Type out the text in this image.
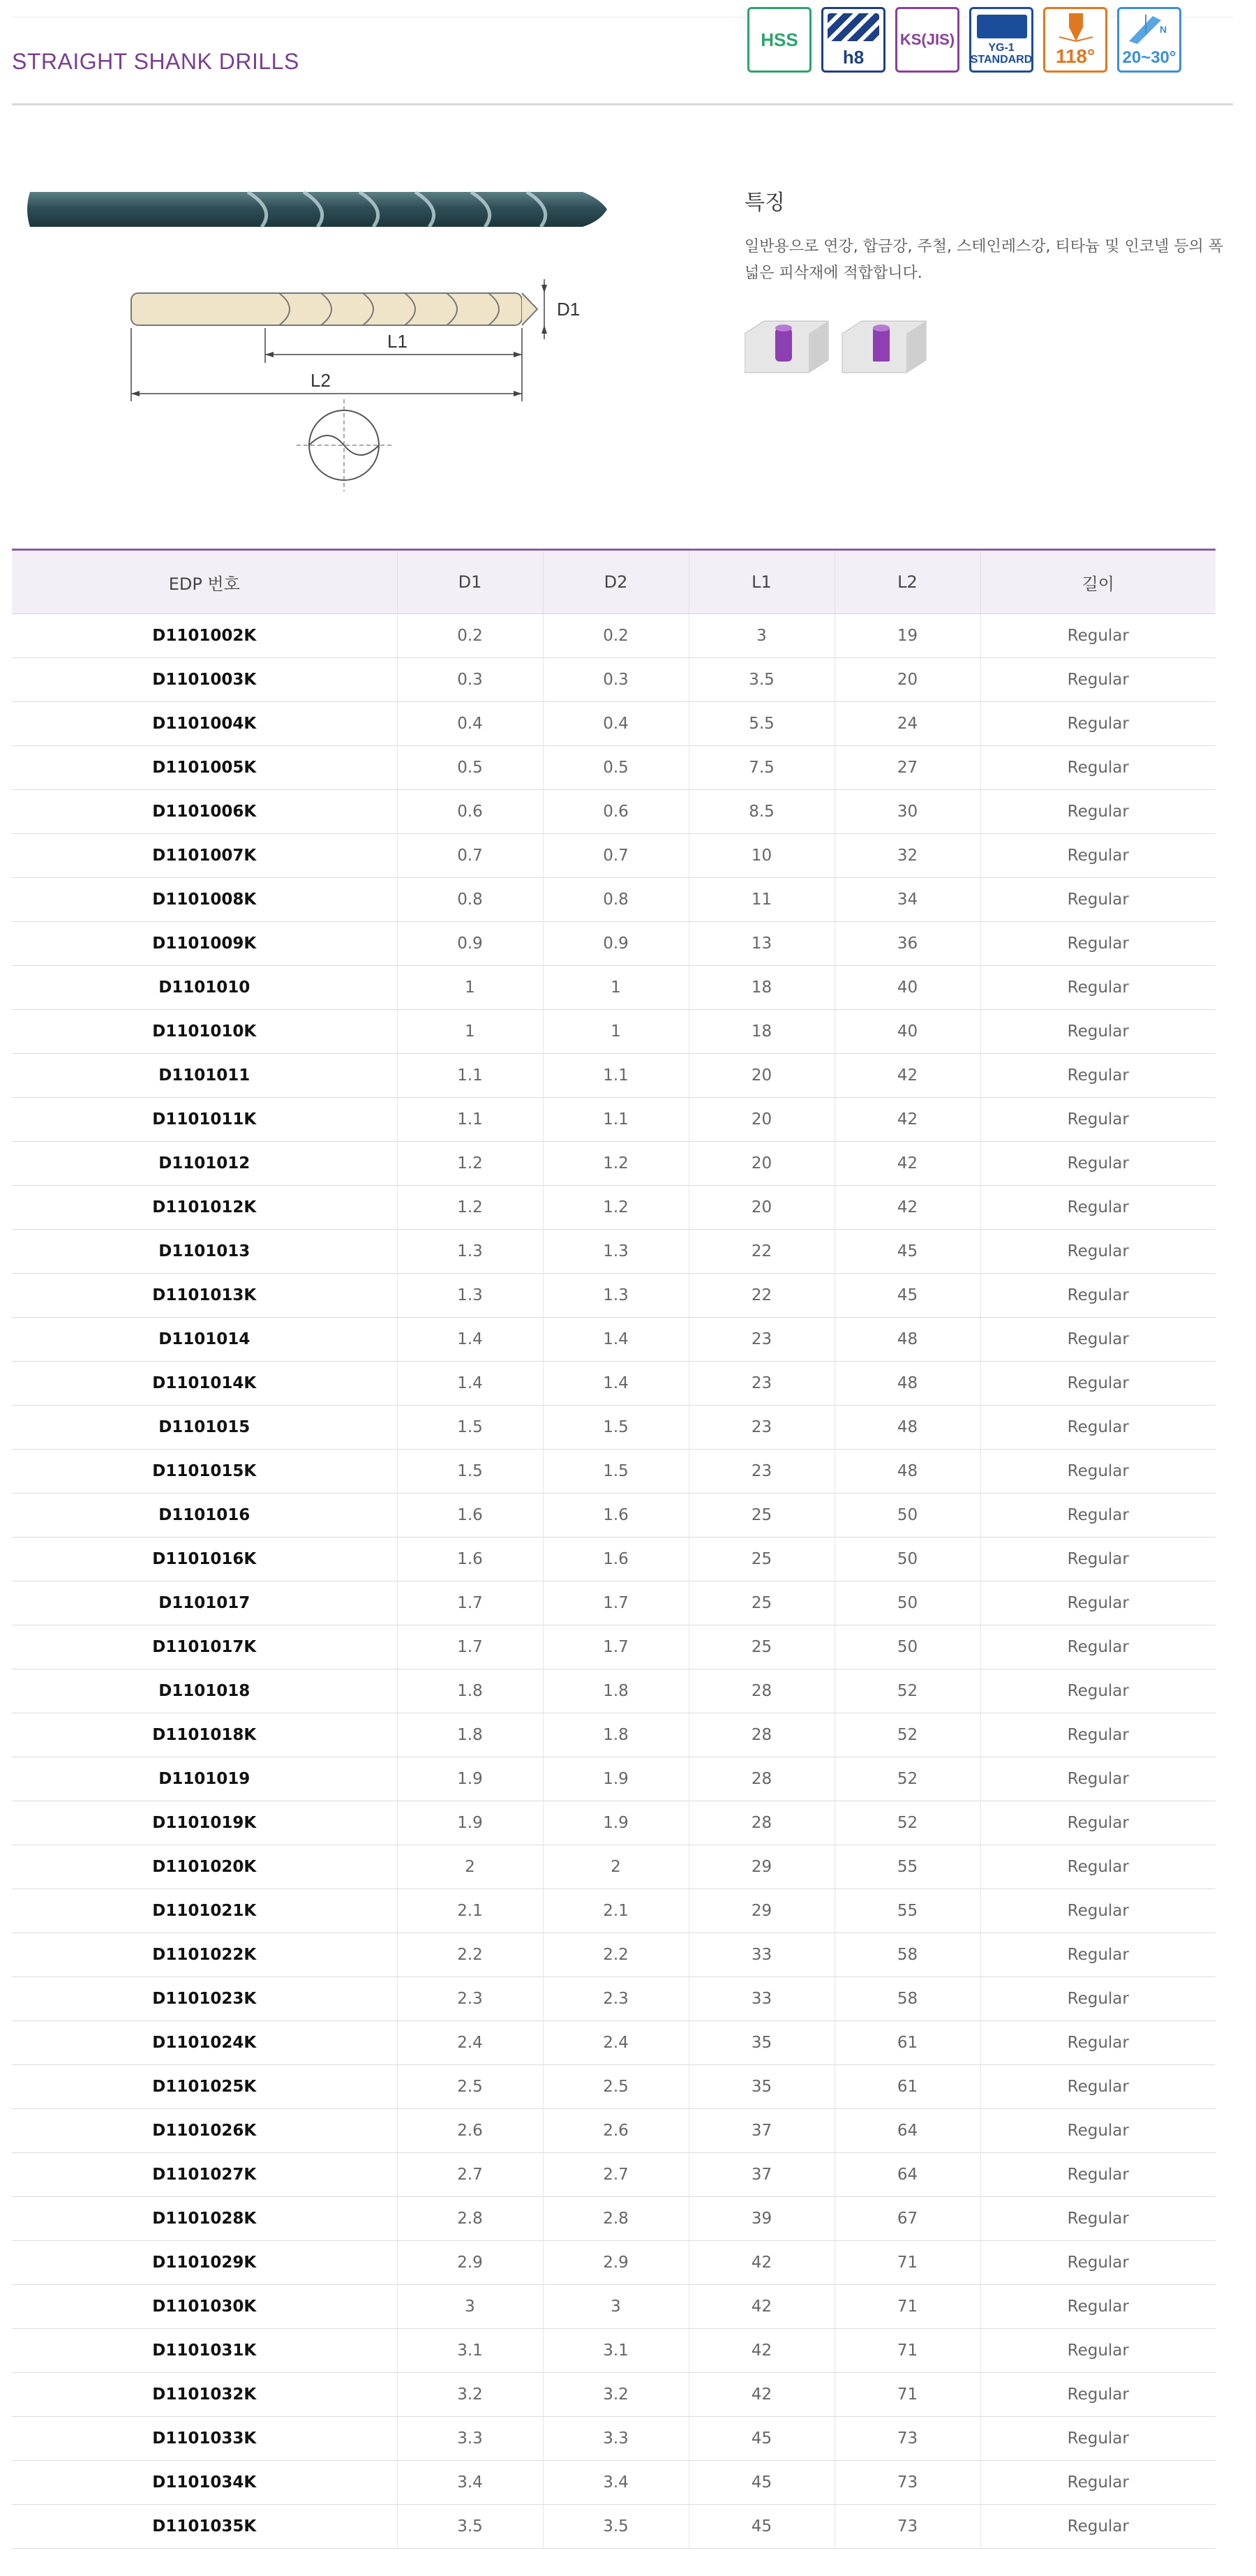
STRAIGHT SHANK DRILLS
HSS
h8
KS(JIS)	YG-1
STANDARD 118°
N
20~30°
D1
L1
L2
특징
일반용으로 연강, 합금강, 주철, 스테인레스강, 티타늄 및 인코넬 등의 폭넓은 피삭재에 적합합니다.
EDP 번호	D1	D2	L1	L2	길이
D1101002K	0.2	0.2	3	19	Regular
D1101003K	0.3	0.3	3.5	20	Regular
D1101004K	0.4	0.4	5.5	24	Regular
D1101005K	0.5	0.5	7.5	27	Regular
D1101006K	0.6	0.6	8.5	30	Regular
D1101007K	0.7	0.7	10	32	Regular
D1101008K	0.8	0.8	11	34	Regular
D1101009K	0.9	0.9	13	36	Regular
D1101010	1	1	18	40	Regular
D1101010K	1	1	18	40	Regular
D1101011	1.1	1.1	20	42	Regular
D1101011K	1.1	1.1	20	42	Regular
D1101012	1.2	1.2	20	42	Regular
D1101012K	1.2	1.2	20	42	Regular
D1101013	1.3	1.3	22	45	Regular
D1101013K	1.3	1.3	22	45	Regular
D1101014	1.4	1.4	23	48	Regular
D1101014K	1.4	1.4	23	48	Regular
D1101015	1.5	1.5	23	48	Regular
D1101015K	1.5	1.5	23	48	Regular
D1101016	1.6	1.6	25	50	Regular
D1101016K	1.6	1.6	25	50	Regular
D1101017	1.7	1.7	25	50	Regular
D1101017K	1.7	1.7	25	50	Regular
D1101018	1.8	1.8	28	52	Regular
D1101018K	1.8	1.8	28	52	Regular
D1101019	1.9	1.9	28	52	Regular
D1101019K	1.9	1.9	28	52	Regular
D1101020K	2	2	29	55	Regular
D1101021K	2.1	2.1	29	55	Regular
D1101022K	2.2	2.2	33	58	Regular
D1101023K	2.3	2.3	33	58	Regular
D1101024K	2.4	2.4	35	61	Regular
D1101025K	2.5	2.5	35	61	Regular
D1101026K	2.6	2.6	37	64	Regular
D1101027K	2.7	2.7	37	64	Regular
D1101028K	2.8	2.8	39	67	Regular
D1101029K	2.9	2.9	42	71	Regular
D1101030K	3	3	42	71	Regular
D1101031K	3.1	3.1	42	71	Regular
D1101032K	3.2	3.2	42	71	Regular
D1101033K	3.3	3.3	45	73	Regular
D1101034K	3.4	3.4	45	73	Regular
D1101035K	3.5	3.5	45	73	Regular
